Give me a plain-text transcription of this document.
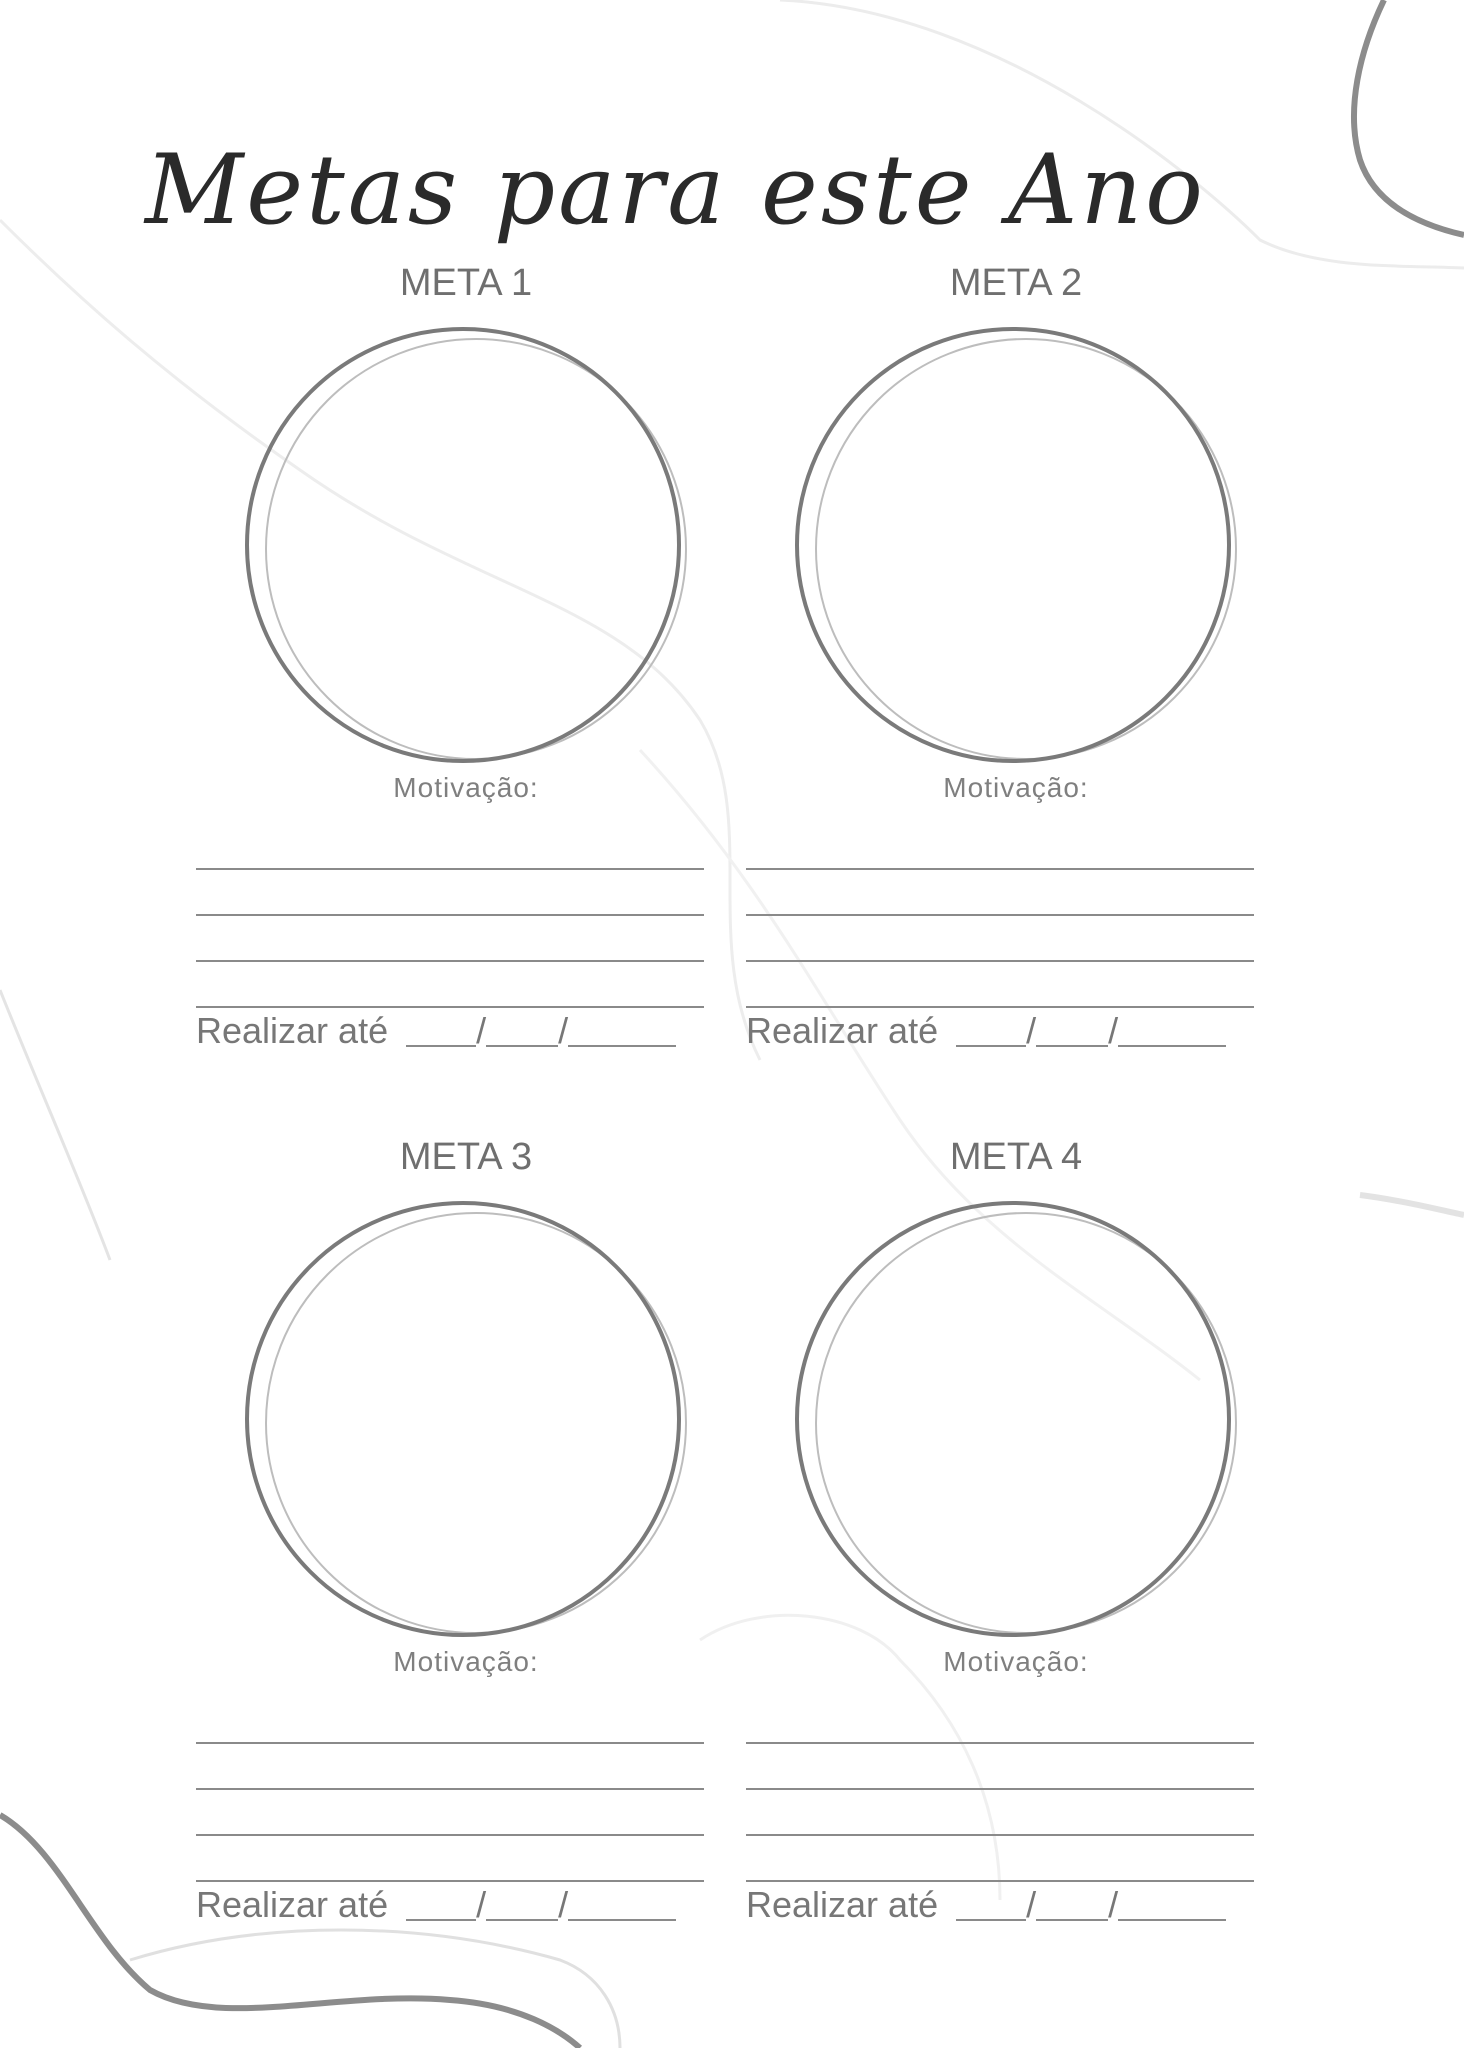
Metas para este Ano
META 1
Motivação:
Realizar até / /
META 2
Motivação:
Realizar até / /
META 3
Motivação:
Realizar até / /
META 4
Motivação:
Realizar até / /
